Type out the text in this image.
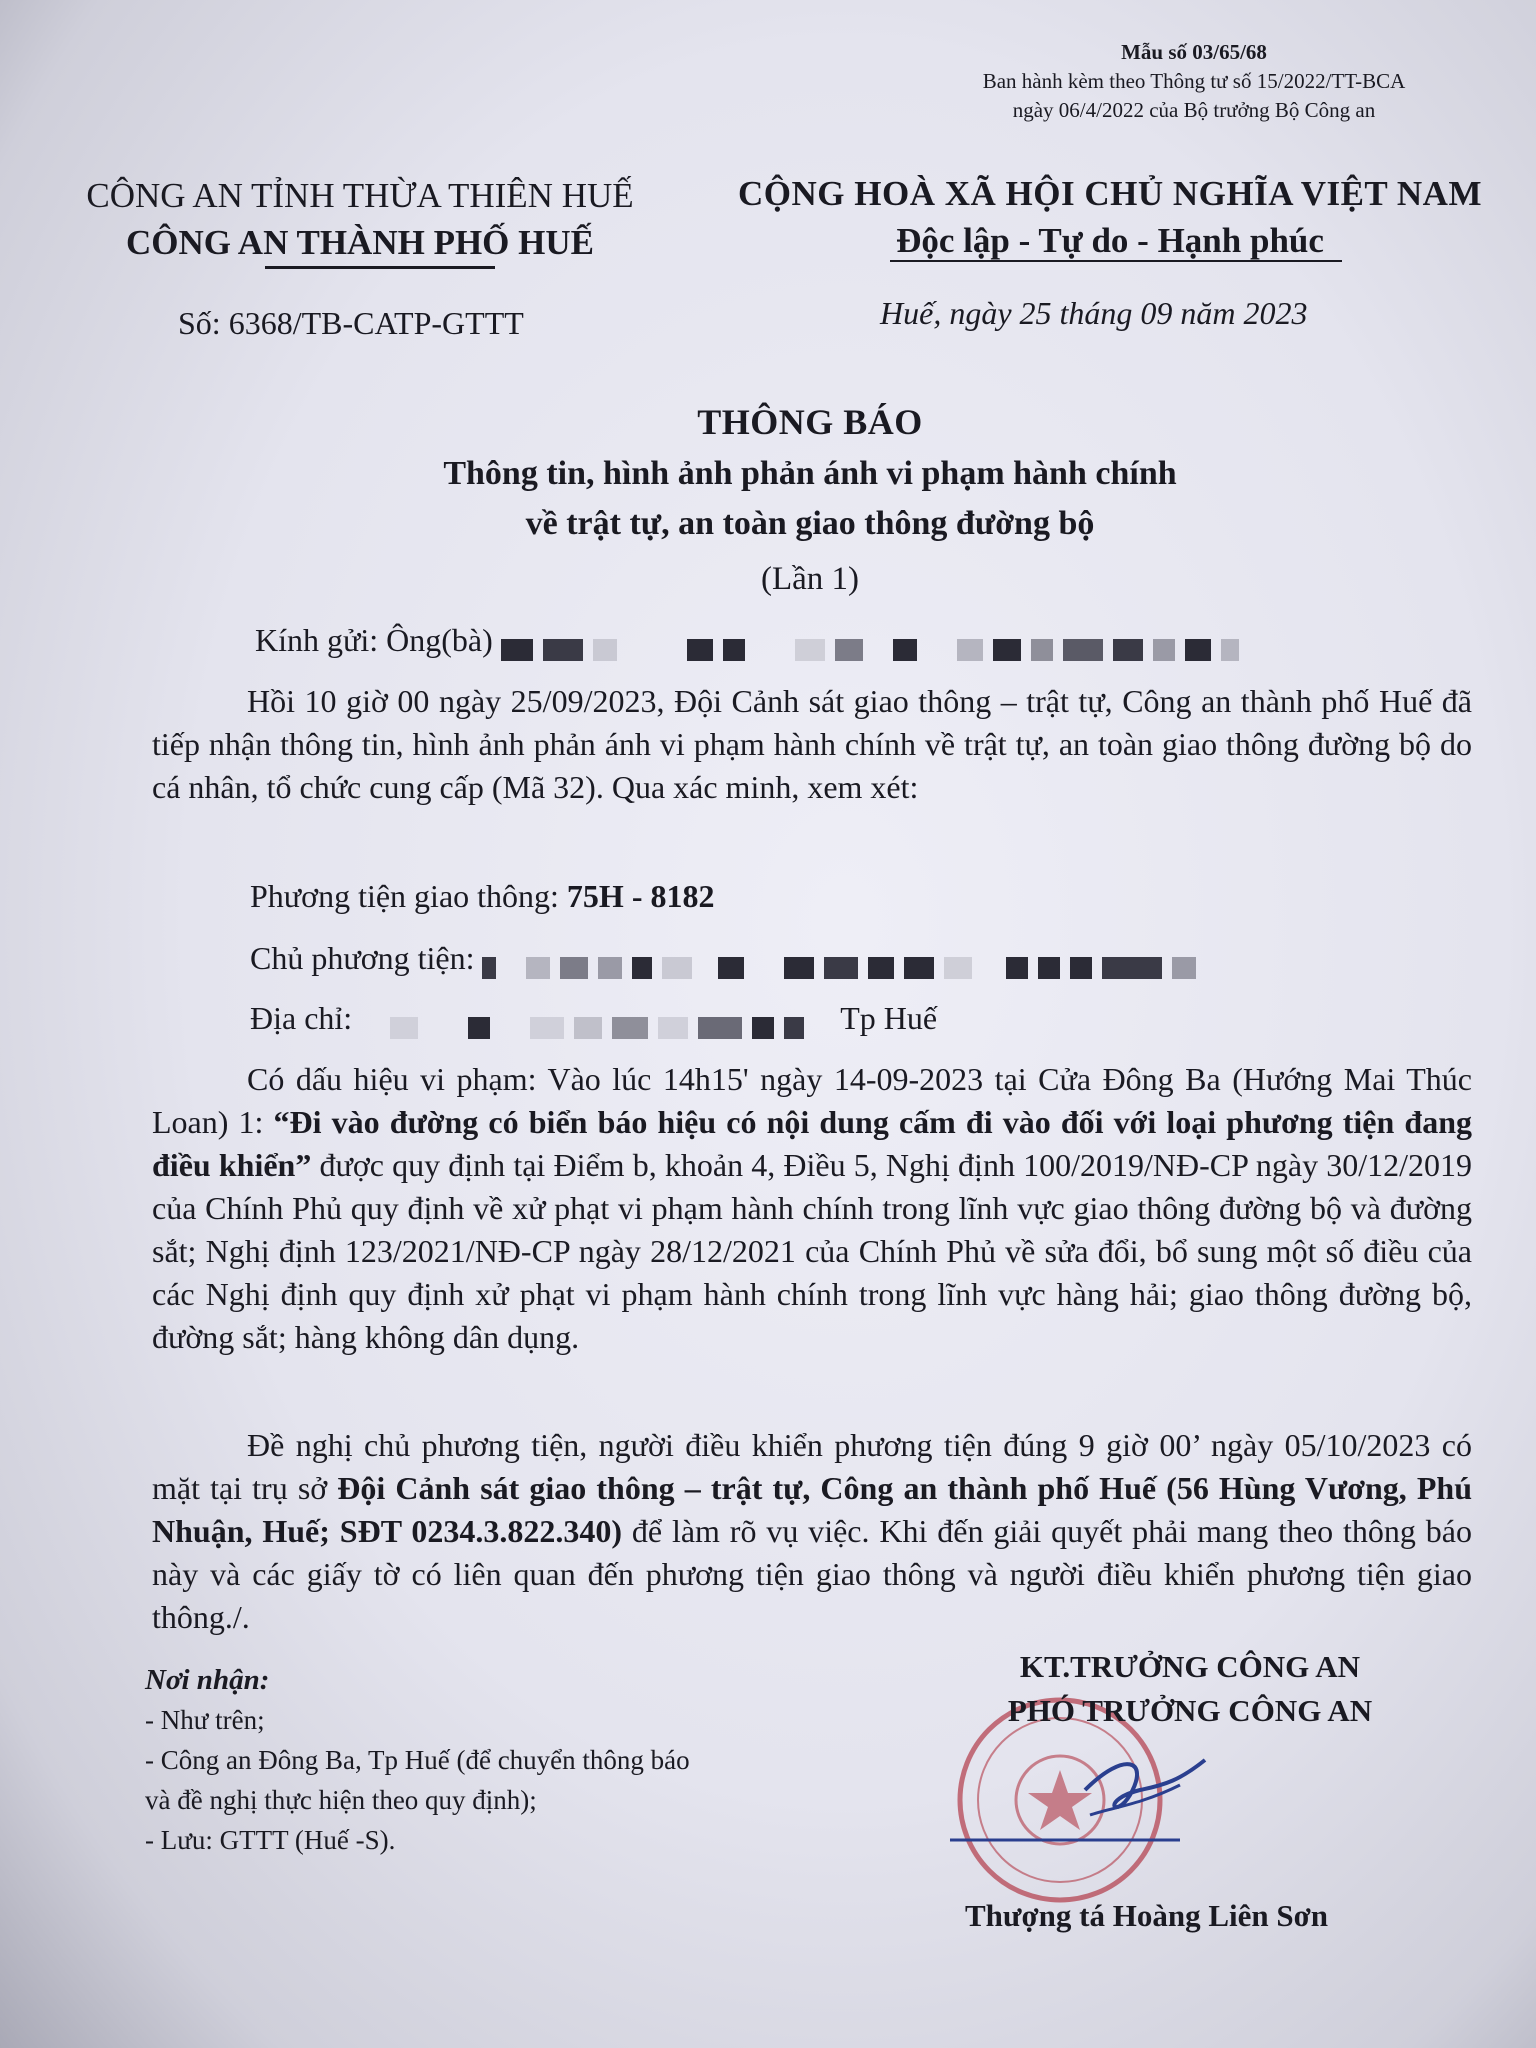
Mẫu số 03/65/68
Ban hành kèm theo Thông tư số 15/2022/TT-BCA
ngày 06/4/2022 của Bộ trưởng Bộ Công an
CÔNG AN TỈNH THỪA THIÊN HUẾ
CÔNG AN THÀNH PHỐ HUẾ
CỘNG HOÀ XÃ HỘI CHỦ NGHĨA VIỆT NAM
Độc lập - Tự do - Hạnh phúc
Số: 6368/TB-CATP-GTTT	Huế, ngày 25 tháng 09 năm 2023
THÔNG BÁO
Thông tin, hình ảnh phản ánh vi phạm hành chính
về trật tự, an toàn giao thông đường bộ
(Lần 1)
Kính gửi: Ông(bà)
Hồi 10 giờ 00 ngày 25/09/2023, Đội Cảnh sát giao thông – trật tự, Công an thành phố Huế đã tiếp nhận thông tin, hình ảnh phản ánh vi phạm hành chính về trật tự, an toàn giao thông đường bộ do cá nhân, tổ chức cung cấp (Mã 32). Qua xác minh, xem xét:
Phương tiện giao thông: 75H - 8182
Chủ phương tiện:
Địa chỉ:	Tp Huế
Có dấu hiệu vi phạm: Vào lúc 14h15' ngày 14-09-2023 tại Cửa Đông Ba (Hướng Mai Thúc Loan) 1: “Đi vào đường có biển báo hiệu có nội dung cấm đi vào đối với loại phương tiện đang điều khiển” được quy định tại Điểm b, khoản 4, Điều 5, Nghị định 100/2019/NĐ-CP ngày 30/12/2019 của Chính Phủ quy định về xử phạt vi phạm hành chính trong lĩnh vực giao thông đường bộ và đường sắt; Nghị định 123/2021/NĐ-CP ngày 28/12/2021 của Chính Phủ về sửa đổi, bổ sung một số điều của các Nghị định quy định xử phạt vi phạm hành chính trong lĩnh vực hàng hải; giao thông đường bộ, đường sắt; hàng không dân dụng.
Đề nghị chủ phương tiện, người điều khiển phương tiện đúng 9 giờ 00’ ngày 05/10/2023 có mặt tại trụ sở Đội Cảnh sát giao thông – trật tự, Công an thành phố Huế (56 Hùng Vương, Phú Nhuận, Huế; SĐT 0234.3.822.340) để làm rõ vụ việc. Khi đến giải quyết phải mang theo thông báo này và các giấy tờ có liên quan đến phương tiện giao thông và người điều khiển phương tiện giao thông./.
Nơi nhận:
- Như trên;
- Công an Đông Ba, Tp Huế (để chuyển thông báo
và đề nghị thực hiện theo quy định);
- Lưu: GTTT (Huế -S).
KT.TRƯỞNG CÔNG AN
PHÓ TRƯỞNG CÔNG AN
Thượng tá Hoàng Liên Sơn
